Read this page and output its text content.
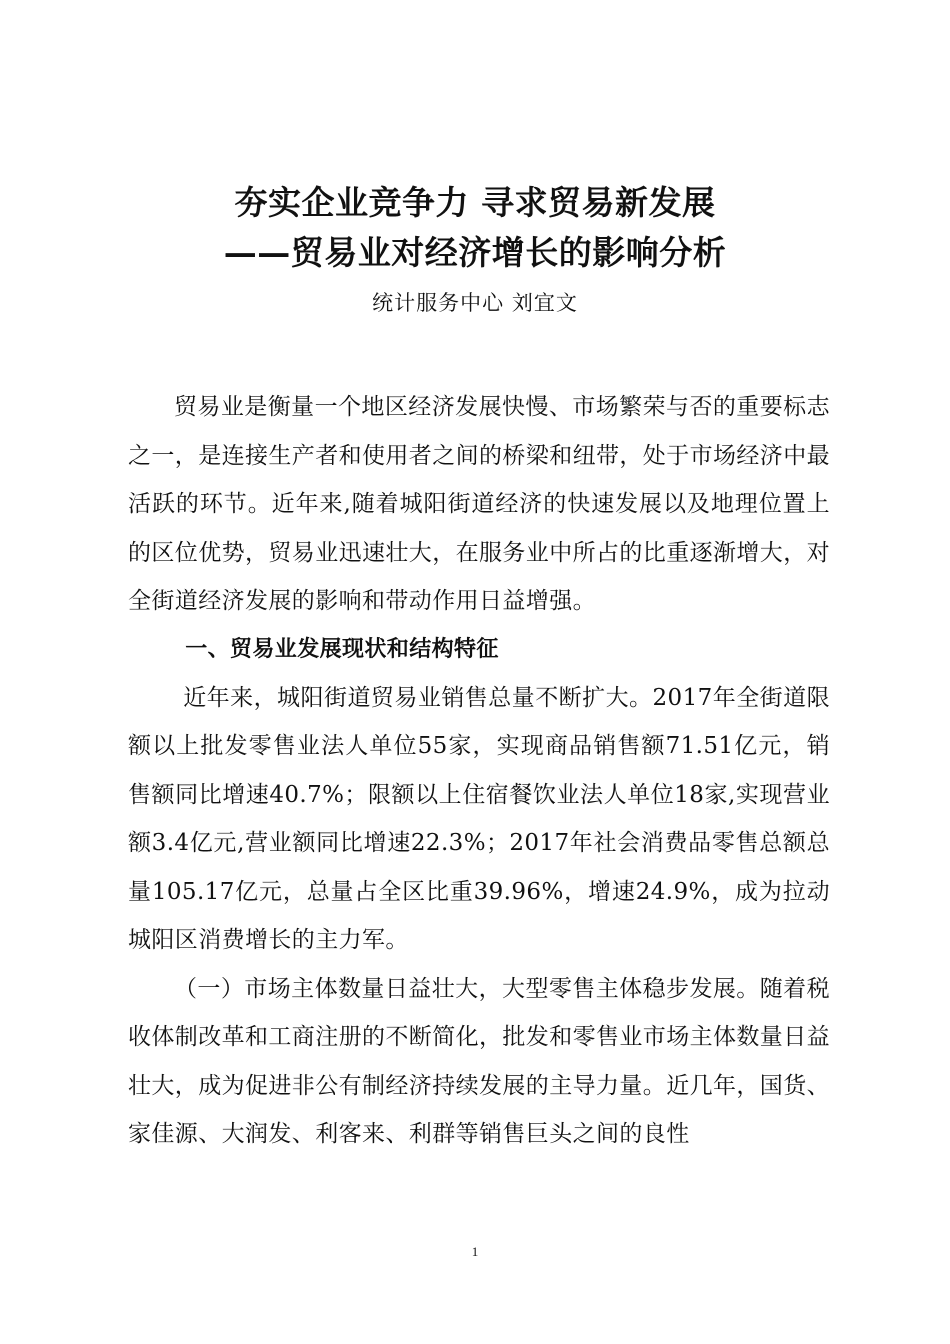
夯实企业竞争力 寻求贸易新发展
——贸易业对经济增长的影响分析
统计服务中心 刘宜文

贸易业是衡量一个地区经济发展快慢、市场繁荣与否的重要标志之一，是连接生产者和使用者之间的桥梁和纽带，处于市场经济中最活跃的环节。近年来,随着城阳街道经济的快速发展以及地理位置上的区位优势，贸易业迅速壮大，在服务业中所占的比重逐渐增大，对全街道经济发展的影响和带动作用日益增强。

一、贸易业发展现状和结构特征

近年来，城阳街道贸易业销售总量不断扩大。2017年全街道限额以上批发零售业法人单位55家，实现商品销售额71.51亿元，销售额同比增速40.7%；限额以上住宿餐饮业法人单位18家,实现营业额3.4亿元,营业额同比增速22.3%；2017年社会消费品零售总额总量105.17亿元，总量占全区比重39.96%，增速24.9%，成为拉动城阳区消费增长的主力军。

（一）市场主体数量日益壮大，大型零售主体稳步发展。随着税收体制改革和工商注册的不断简化，批发和零售业市场主体数量日益壮大，成为促进非公有制经济持续发展的主导力量。近几年，国货、家佳源、大润发、利客来、利群等销售巨头之间的良性

1
